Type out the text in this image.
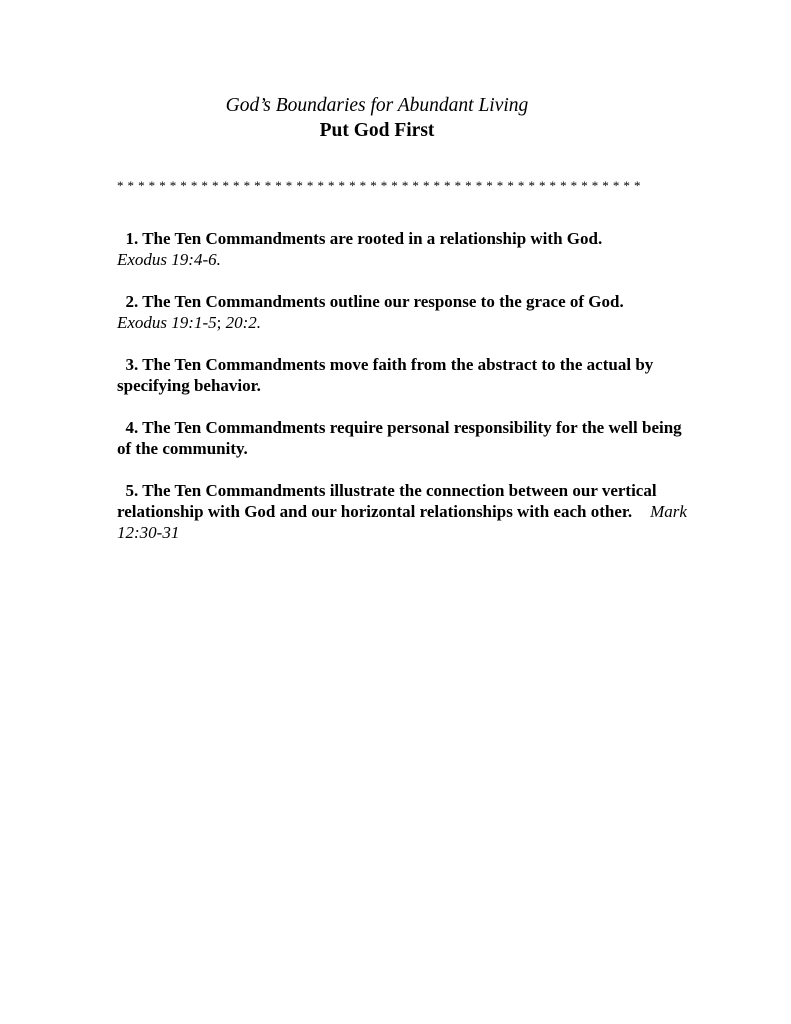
God’s Boundaries for Abundant Living
Put God First
* * * * * * * * * * * * * * * * * * * * * * * * * * * * * * * * * * * * * * * * * * * * * * * * * *
1. The Ten Commandments are rooted in a relationship with God.
Exodus 19:4-6.
2. The Ten Commandments outline our response to the grace of God.
Exodus 19:1-5; 20:2.
3. The Ten Commandments move faith from the abstract to the actual by specifying behavior.
4. The Ten Commandments require personal responsibility for the well being of the community.
5. The Ten Commandments illustrate the connection between our vertical relationship with God and our horizontal relationships with each other. Mark 12:30-31
